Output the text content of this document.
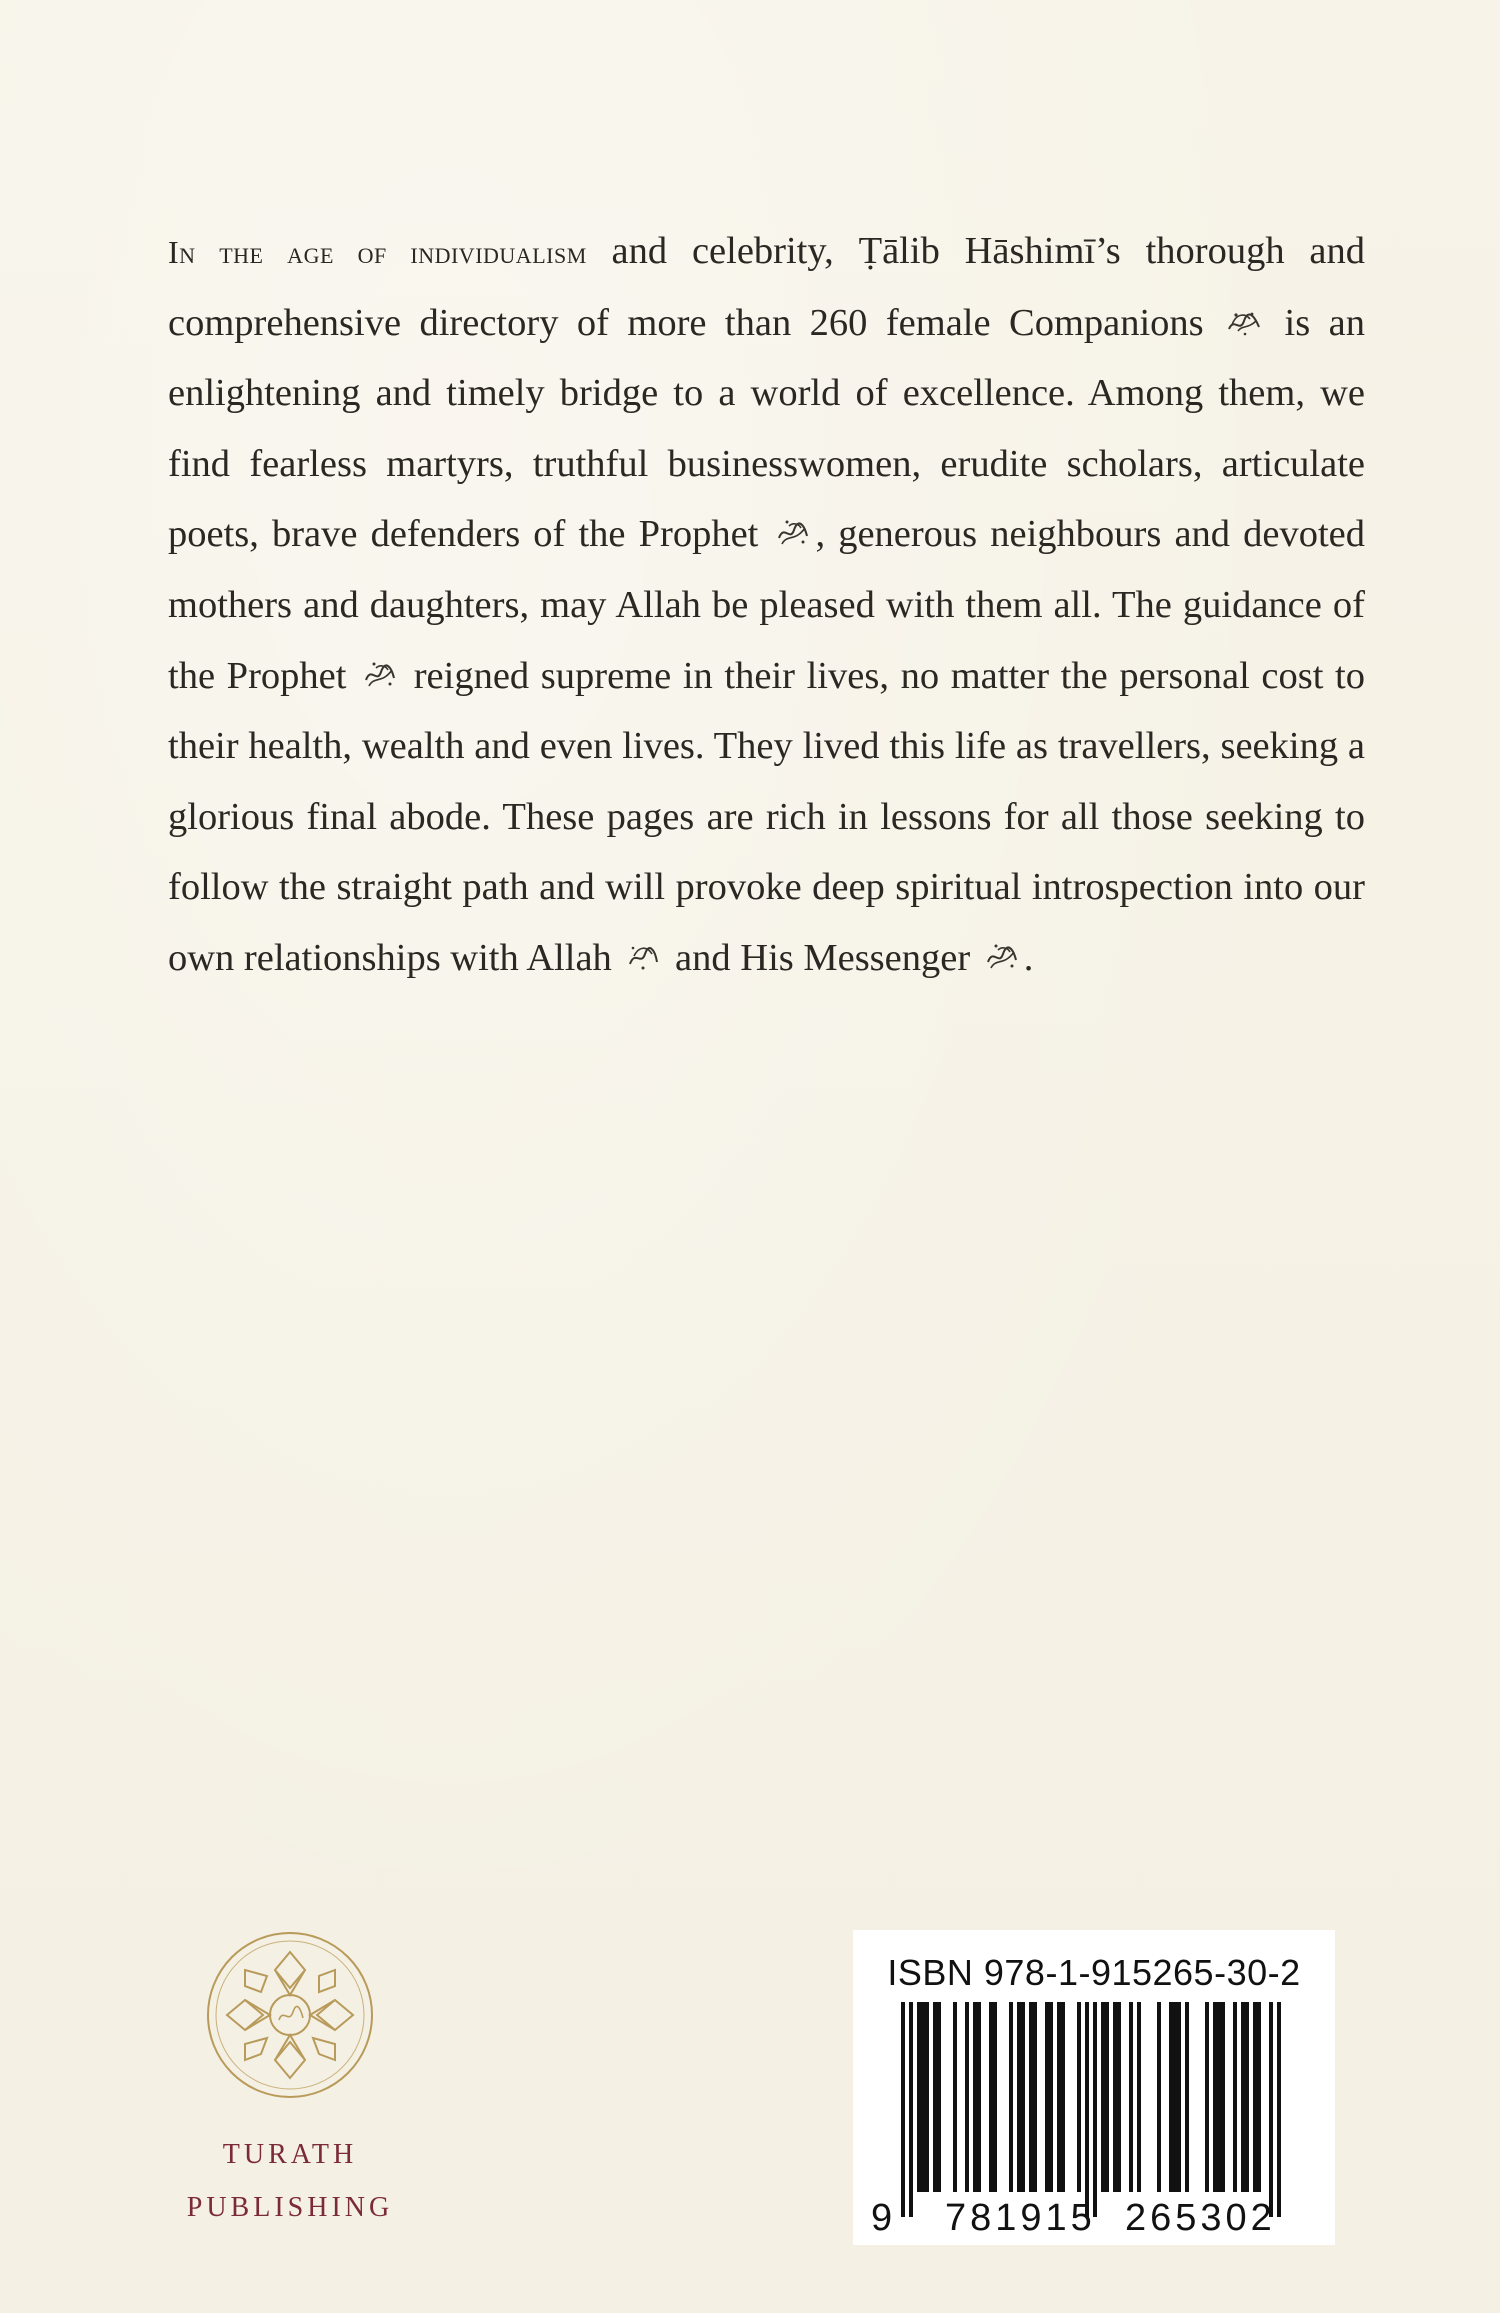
In the age of individualism and celebrity, Ṭālib Hāshimī’s thorough and comprehensive directory of more than 260 female Companions
is an enlightening and timely bridge to a world of excellence. Among them, we find fearless martyrs, truthful businesswomen, erudite scholars, articulate poets, brave defenders of the Prophet
, generous neighbours and devoted mothers and daughters, may Allah be pleased with them all. The guidance of the Prophet
reigned supreme in their lives, no matter the personal cost to their health, wealth and even lives. They lived this life as travellers, seeking a glorious final abode. These pages are rich in lessons for all those seeking to follow the straight path and will provoke deep spiritual introspection into our own relationships with Allah
and His Messenger
.

TURATH
PUBLISHING
ISBN 978-1-915265-30-2
9 781915 265302
